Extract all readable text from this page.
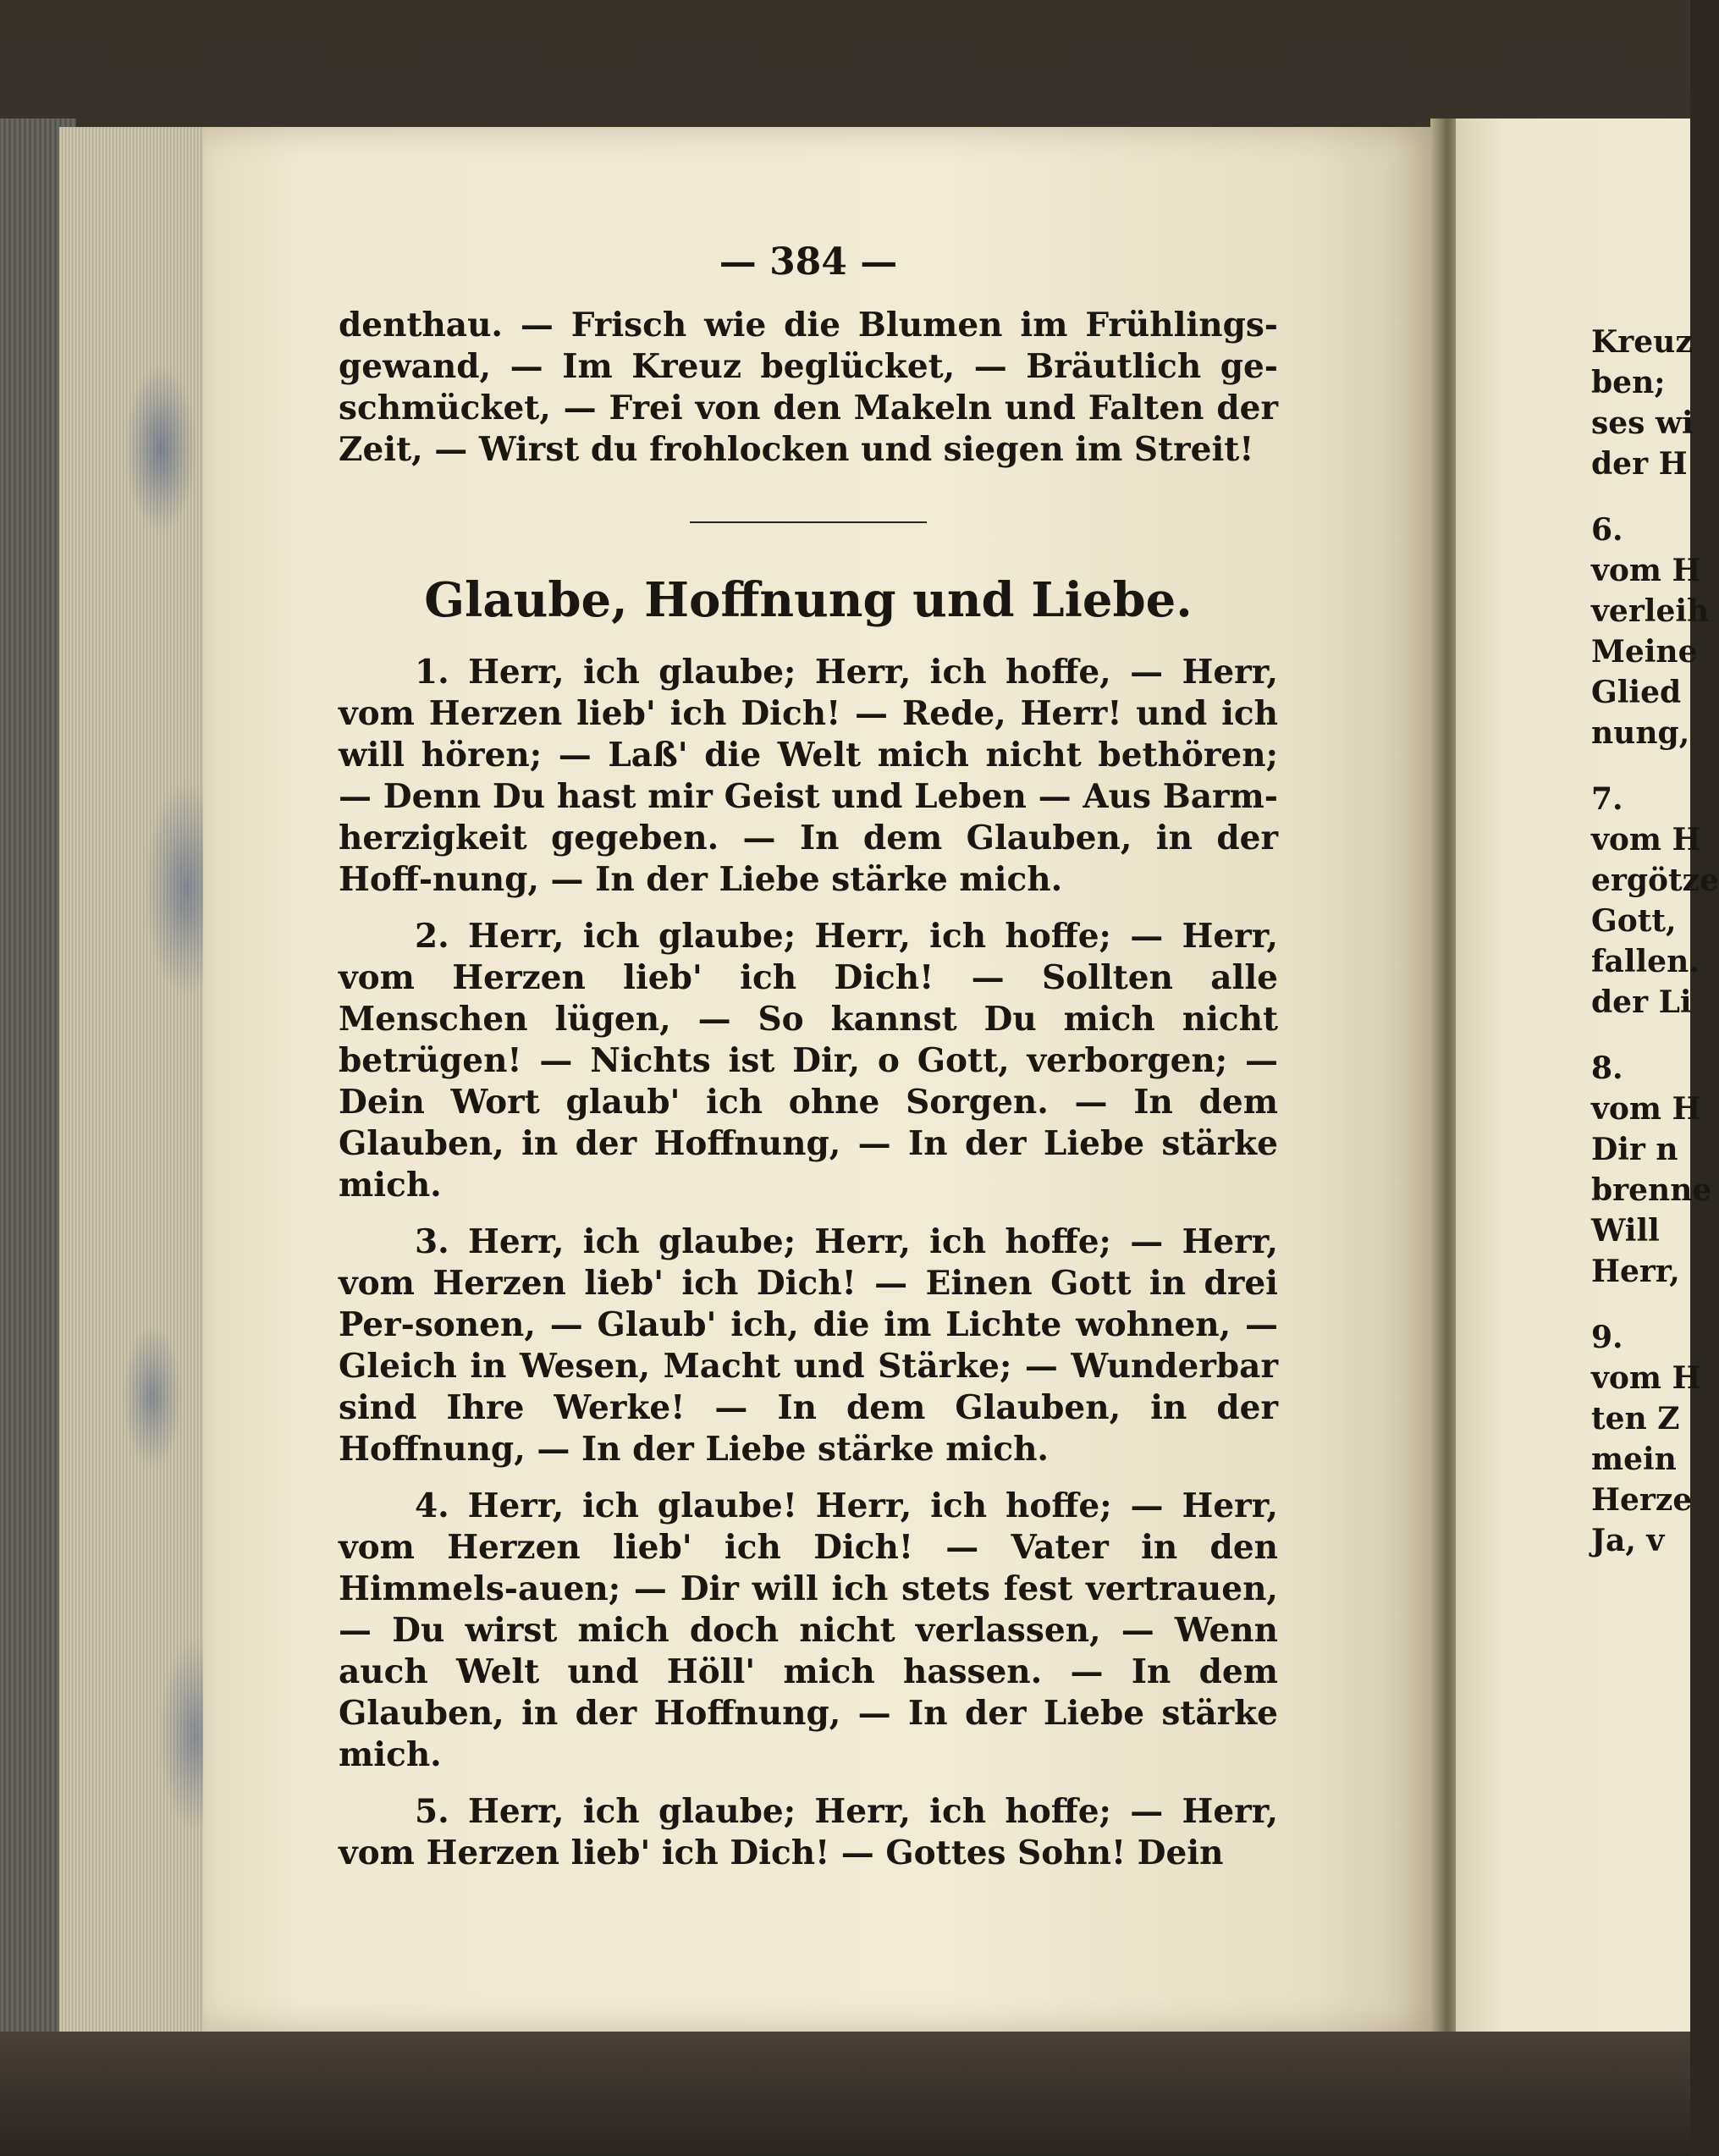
— 384 —

denthau. — Frisch wie die Blumen im Frühlings-gewand, — Im Kreuz beglücket, — Bräutlich ge-schmücket, — Frei von den Makeln und Falten der Zeit, — Wirst du frohlocken und siegen im Streit!

Glaube, Hoffnung und Liebe.

1. Herr, ich glaube; Herr, ich hoffe, — Herr, vom Herzen lieb' ich Dich! — Rede, Herr! und ich will hören; — Laß' die Welt mich nicht bethören; — Denn Du hast mir Geist und Leben — Aus Barm-herzigkeit gegeben. — In dem Glauben, in der Hoff-nung, — In der Liebe stärke mich.

2. Herr, ich glaube; Herr, ich hoffe; — Herr, vom Herzen lieb' ich Dich! — Sollten alle Menschen lügen, — So kannst Du mich nicht betrügen! — Nichts ist Dir, o Gott, verborgen; — Dein Wort glaub' ich ohne Sorgen. — In dem Glauben, in der Hoffnung, — In der Liebe stärke mich.

3. Herr, ich glaube; Herr, ich hoffe; — Herr, vom Herzen lieb' ich Dich! — Einen Gott in drei Per-sonen, — Glaub' ich, die im Lichte wohnen, — Gleich in Wesen, Macht und Stärke; — Wunderbar sind Ihre Werke! — In dem Glauben, in der Hoffnung, — In der Liebe stärke mich.

4. Herr, ich glaube! Herr, ich hoffe; — Herr, vom Herzen lieb' ich Dich! — Vater in den Himmels-auen; — Dir will ich stets fest vertrauen, — Du wirst mich doch nicht verlassen, — Wenn auch Welt und Höll' mich hassen. — In dem Glauben, in der Hoffnung, — In der Liebe stärke mich.

5. Herr, ich glaube; Herr, ich hoffe; — Herr, vom Herzen lieb' ich Dich! — Gottes Sohn! Dein

Kreuz
ben;
ses wi
der H
6.
vom H
verleih
Meine
Glied
nung,
7.
vom H
ergötze
Gott,
fallen.
der Li
8.
vom H
Dir n
brenne
Will
Herr,
9.
vom H
ten Z
mein
Herze
Ja, v
